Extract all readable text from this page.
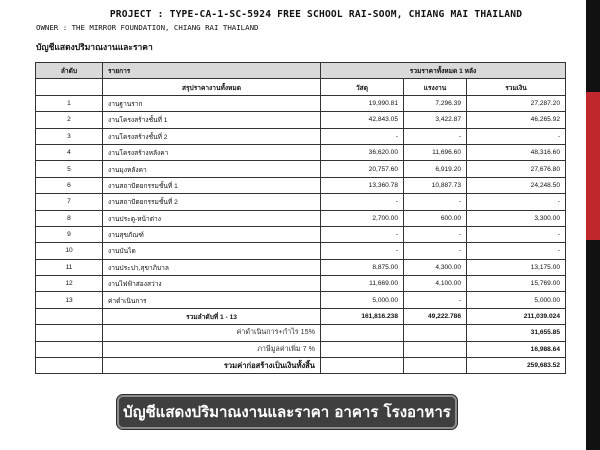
PROJECT : TYPE-CA-1-SC-5924 FREE SCHOOL RAI-SOOM, CHIANG MAI THAILAND
OWNER : THE MIRROR FOUNDATION, CHIANG RAI THAILAND
บัญชีแสดงปริมาณงานและราคา
ลำดับ	รายการ	รวมราคาทั้งหมด 1 หลัง		
	สรุปราคางานทั้งหมด	วัสดุ	แรงงาน	รวมเงิน
1	งานฐานราก	19,990.81	7,296.39	27,287.20
2	งานโครงสร้างชั้นที่ 1	42,843.05	3,422.87	46,265.92
3	งานโครงสร้างชั้นที่ 2	-	-	-
4	งานโครงสร้างหลังคา	36,620.00	11,696.60	48,316.60
5	งานมุงหลังคา	20,757.60	6,919.20	27,676.80
6	งานสถาปัตยกรรมชั้นที่ 1	13,360.78	10,887.73	24,248.50
7	งานสถาปัตยกรรมชั้นที่ 2	-	-	-
8	งานประตู-หน้าต่าง	2,700.00	600.00	3,300.00
9	งานสุขภัณฑ์	-	-	-
10	งานบันได	-	-	-
11	งานประปา,สุขาภิบาล	8,875.00	4,300.00	13,175.00
12	งานไฟฟ้าส่องสว่าง	11,669.00	4,100.00	15,769.00
13	ค่าดำเนินการ	5,000.00	-	5,000.00
	รวมลำดับที่ 1 - 13	161,816.238	49,222.786	211,039.024
	ค่าดำเนินการ+กำไร 15%			31,655.85
	ภาษีมูลค่าเพิ่ม 7 %			16,988.64
	รวมค่าก่อสร้างเป็นเงินทั้งสิ้น			259,683.52
บัญชีแสดงปริมาณงานและราคา อาคาร โรงอาหาร
